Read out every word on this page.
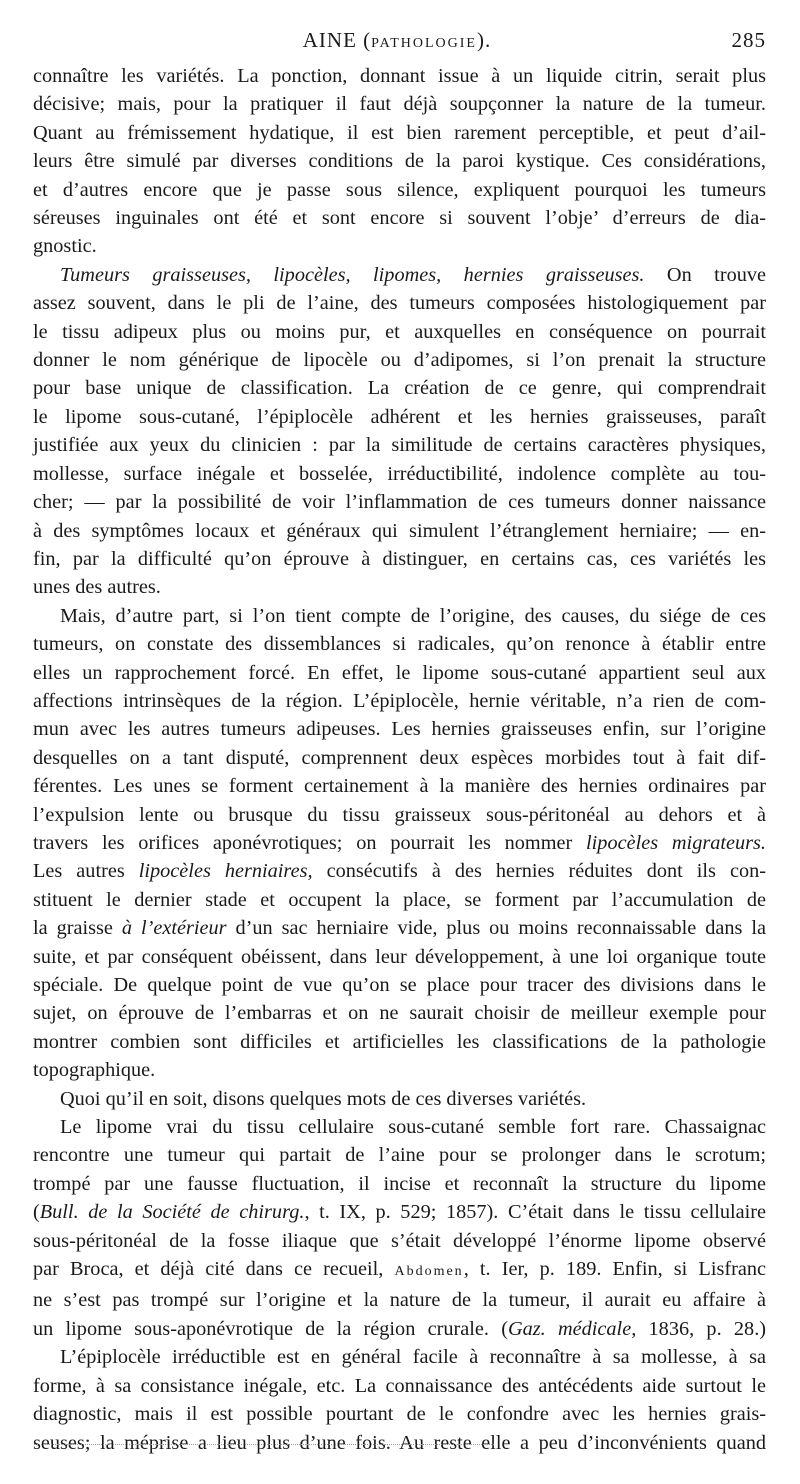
AINE (PATHOLOGIE).	285
connaître les variétés. La ponction, donnant issue à un liquide citrin, serait plus
décisive; mais, pour la pratiquer il faut déjà soupçonner la nature de la tumeur.
Quant au frémissement hydatique, il est bien rarement perceptible, et peut d’ail-
leurs être simulé par diverses conditions de la paroi kystique. Ces considérations,
et d’autres encore que je passe sous silence, expliquent pourquoi les tumeurs
séreuses inguinales ont été et sont encore si souvent l’obje’ d’erreurs de dia-
gnostic.
Tumeurs graisseuses, lipocèles, lipomes, hernies graisseuses. On trouve
assez souvent, dans le pli de l’aine, des tumeurs composées histologiquement par
le tissu adipeux plus ou moins pur, et auxquelles en conséquence on pourrait
donner le nom générique de lipocèle ou d’adipomes, si l’on prenait la structure
pour base unique de classification. La création de ce genre, qui comprendrait
le lipome sous-cutané, l’épiplocèle adhérent et les hernies graisseuses, paraît
justifiée aux yeux du clinicien : par la similitude de certains caractères physiques,
mollesse, surface inégale et bosselée, irréductibilité, indolence complète au tou-
cher; — par la possibilité de voir l’inflammation de ces tumeurs donner naissance
à des symptômes locaux et généraux qui simulent l’étranglement herniaire; — en-
fin, par la difficulté qu’on éprouve à distinguer, en certains cas, ces variétés les
unes des autres.
Mais, d’autre part, si l’on tient compte de l’origine, des causes, du siége de ces
tumeurs, on constate des dissemblances si radicales, qu’on renonce à établir entre
elles un rapprochement forcé. En effet, le lipome sous-cutané appartient seul aux
affections intrinsèques de la région. L’épiplocèle, hernie véritable, n’a rien de com-
mun avec les autres tumeurs adipeuses. Les hernies graisseuses enfin, sur l’origine
desquelles on a tant disputé, comprennent deux espèces morbides tout à fait dif-
férentes. Les unes se forment certainement à la manière des hernies ordinaires par
l’expulsion lente ou brusque du tissu graisseux sous-péritonéal au dehors et à
travers les orifices aponévrotiques; on pourrait les nommer lipocèles migrateurs.
Les autres lipocèles herniaires, consécutifs à des hernies réduites dont ils con-
stituent le dernier stade et occupent la place, se forment par l’accumulation de
la graisse à l’extérieur d’un sac herniaire vide, plus ou moins reconnaissable dans la
suite, et par conséquent obéissent, dans leur développement, à une loi organique toute
spéciale. De quelque point de vue qu’on se place pour tracer des divisions dans le
sujet, on éprouve de l’embarras et on ne saurait choisir de meilleur exemple pour
montrer combien sont difficiles et artificielles les classifications de la pathologie
topographique.
Quoi qu’il en soit, disons quelques mots de ces diverses variétés.
Le lipome vrai du tissu cellulaire sous-cutané semble fort rare. Chassaignac
rencontre une tumeur qui partait de l’aine pour se prolonger dans le scrotum;
trompé par une fausse fluctuation, il incise et reconnaît la structure du lipome
(Bull. de la Société de chirurg., t. IX, p. 529; 1857). C’était dans le tissu cellulaire
sous-péritonéal de la fosse iliaque que s’était développé l’énorme lipome observé
par Broca, et déjà cité dans ce recueil, Abdomen, t. Ier, p. 189. Enfin, si Lisfranc
ne s’est pas trompé sur l’origine et la nature de la tumeur, il aurait eu affaire à
un lipome sous-aponévrotique de la région crurale. (Gaz. médicale, 1836, p. 28.)
L’épiplocèle irréductible est en général facile à reconnaître à sa mollesse, à sa
forme, à sa consistance inégale, etc. La connaissance des antécédents aide surtout le
diagnostic, mais il est possible pourtant de le confondre avec les hernies grais-
seuses; la méprise a lieu plus d’une fois. Au reste elle a peu d’inconvénients quand
